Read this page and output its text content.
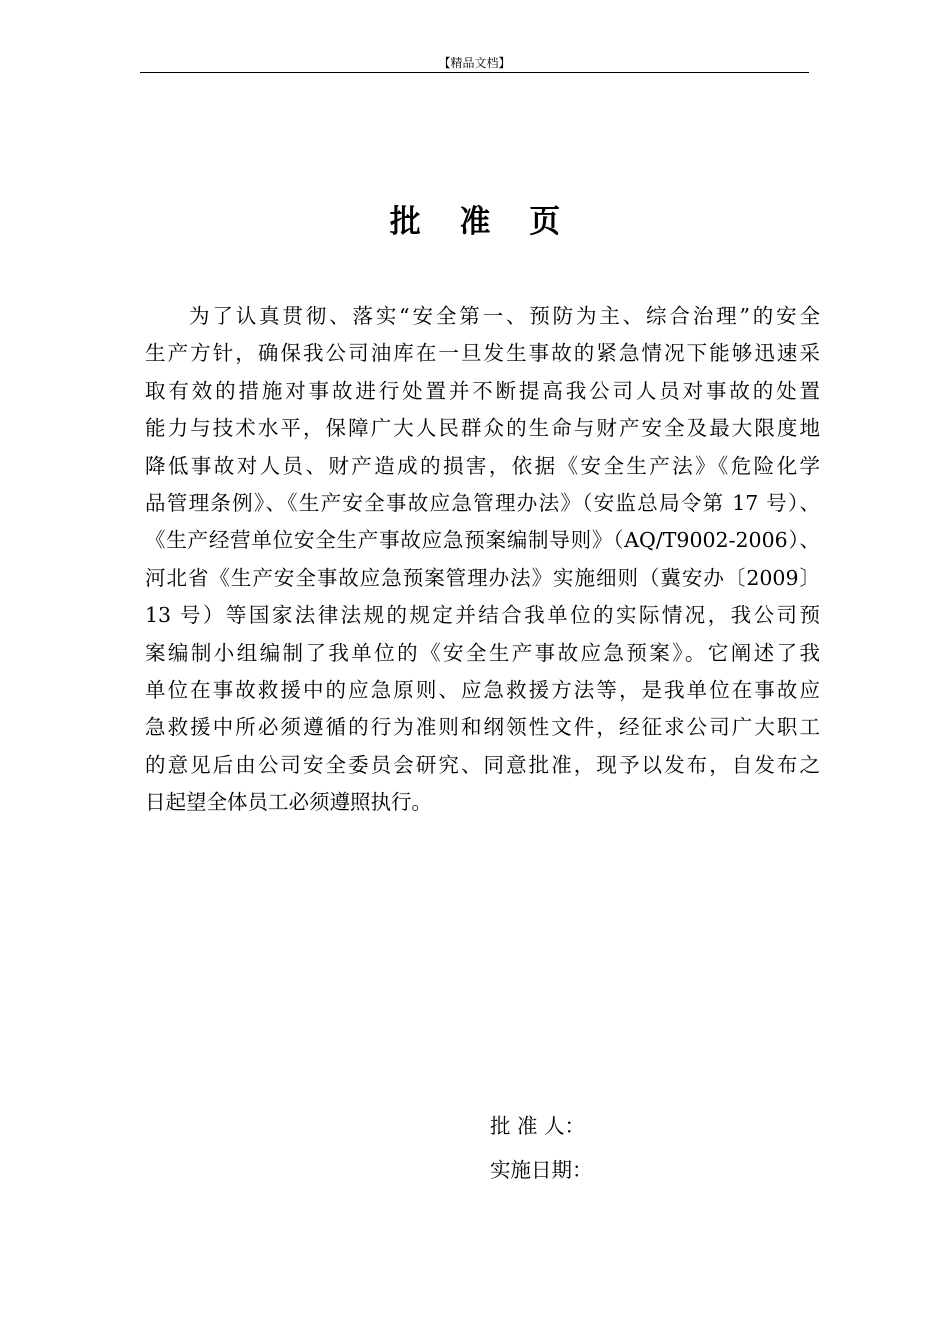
【精品文档】
批 准 页
为了认真贯彻、落实“安全第一、预防为主、综合治理”的安全
生产方针，确保我公司油库在一旦发生事故的紧急情况下能够迅速采
取有效的措施对事故进行处置并不断提高我公司人员对事故的处置
能力与技术水平，保障广大人民群众的生命与财产安全及最大限度地
降低事故对人员、财产造成的损害，依据《安全生产法》《危险化学
品管理条例》、《生产安全事故应急管理办法》（安监总局令第 17 号）、
《生产经营单位安全生产事故应急预案编制导则》（AQ/T9002-2006）、
河北省《生产安全事故应急预案管理办法》实施细则（冀安办〔2009〕
13 号）等国家法律法规的规定并结合我单位的实际情况，我公司预
案编制小组编制了我单位的《安全生产事故应急预案》。它阐述了我
单位在事故救援中的应急原则、应急救援方法等，是我单位在事故应
急救援中所必须遵循的行为准则和纲领性文件，经征求公司广大职工
的意见后由公司安全委员会研究、同意批准，现予以发布，自发布之
日起望全体员工必须遵照执行。
批 准 人：
实施日期：
